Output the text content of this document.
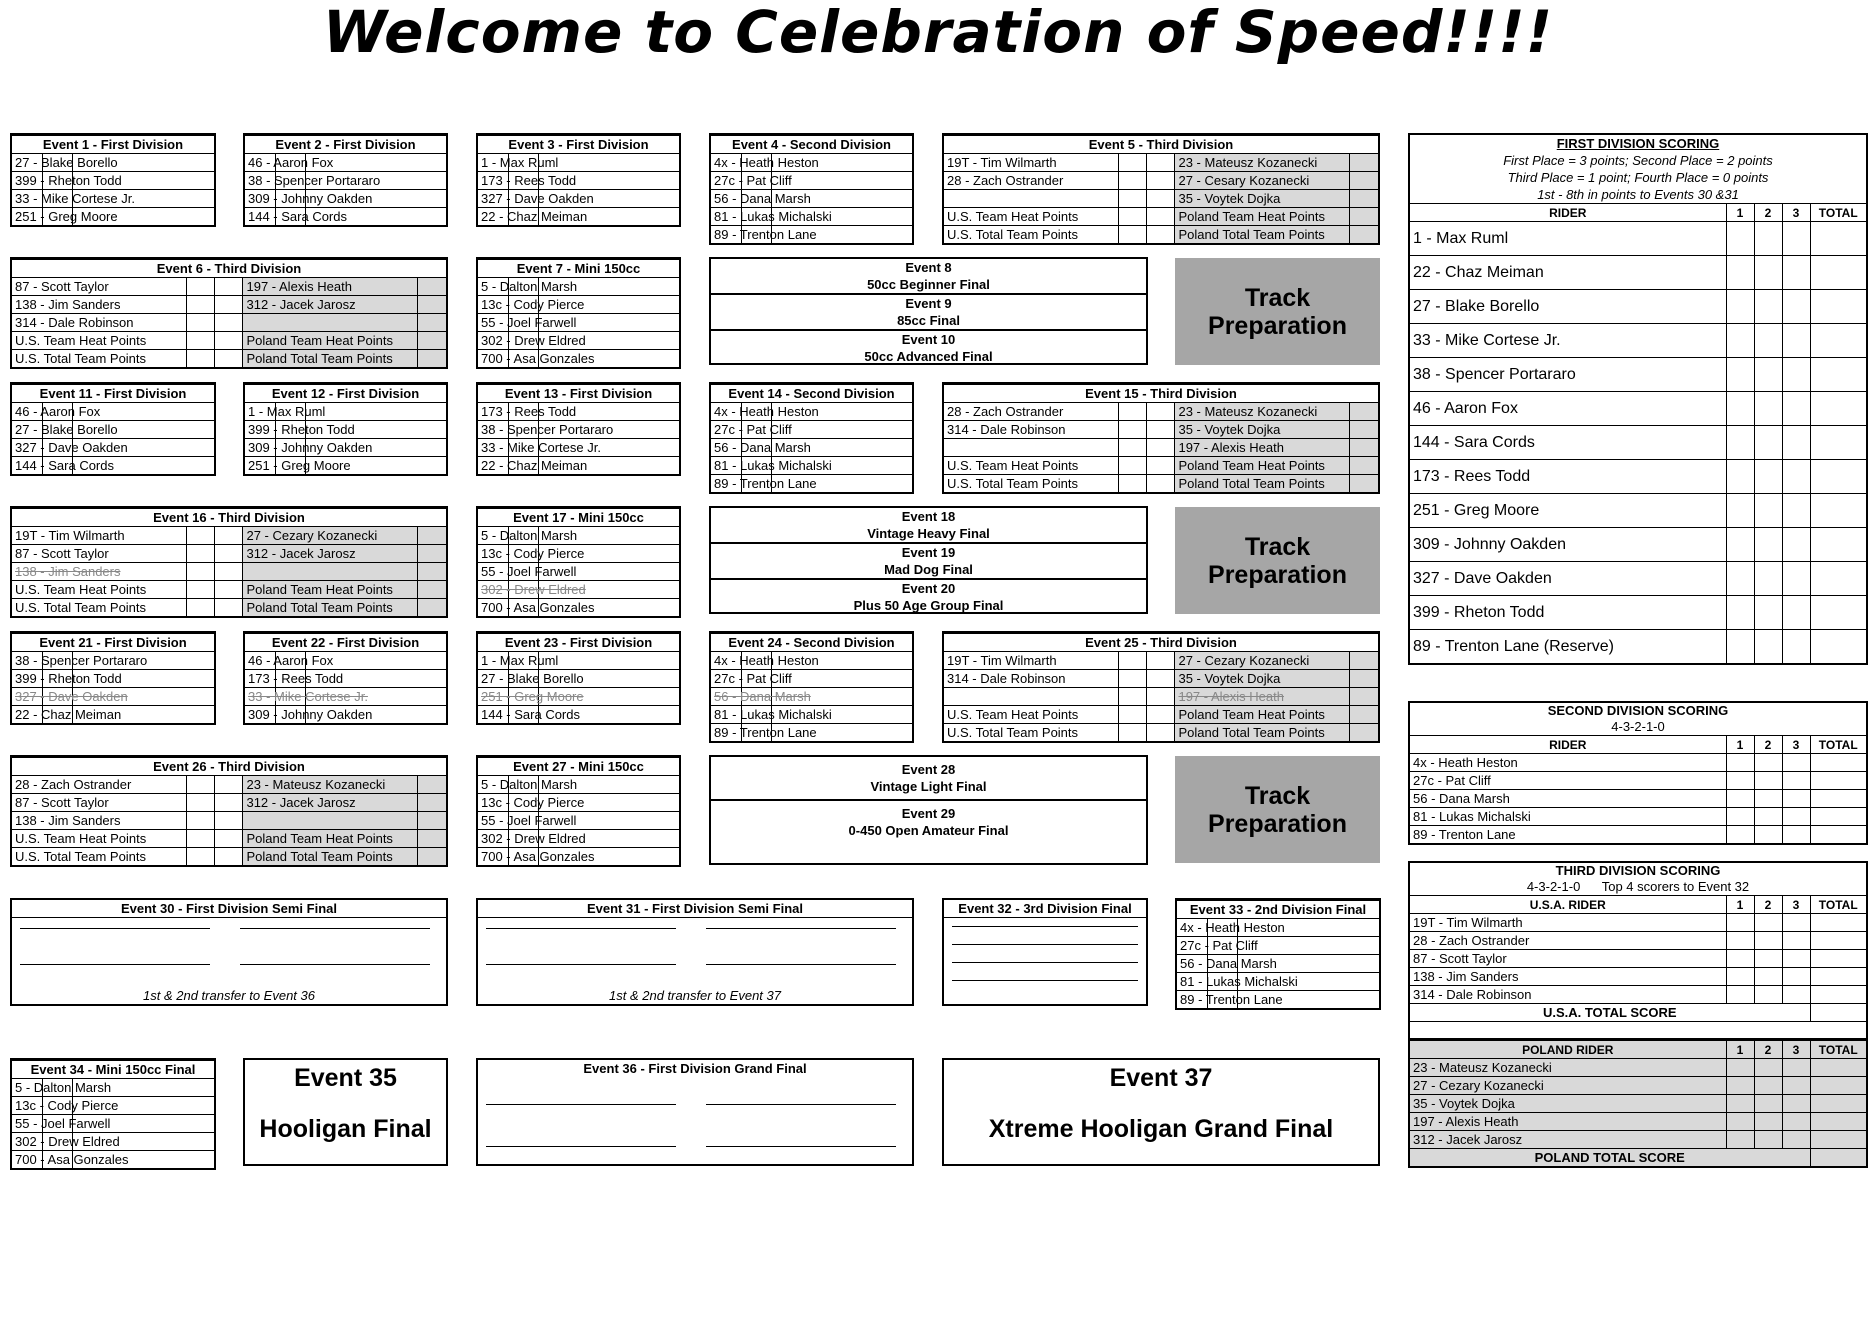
Welcome to Celebration of Speed!!!!
Event 1 - First Division		
27 - Blake Borello		
399 - Rheton Todd		
33 - Mike Cortese Jr.		
251 - Greg Moore		
Event 2 - First Division		
46 - Aaron Fox		
38 - Spencer Portararo		
309 - Johnny Oakden		
144 - Sara Cords		
Event 3 - First Division		
1 - Max Ruml		
173 - Rees Todd		
327 - Dave Oakden		
22 - Chaz Meiman		
Event 4 - Second Division		
4x - Heath Heston		
27c - Pat Cliff		
56 - Dana Marsh		
81 - Lukas Michalski		
89 - Trenton Lane		
Event 7 - Mini 150cc		
5 - Dalton Marsh		
13c - Cody Pierce		
55 - Joel Farwell		
302 - Drew Eldred		
700 - Asa Gonzales		
Event 11 - First Division		
46 - Aaron Fox		
27 - Blake Borello		
327 - Dave Oakden		
144 - Sara Cords		
Event 12 - First Division		
1 - Max Ruml		
399 - Rheton Todd		
309 - Johnny Oakden		
251 - Greg Moore		
Event 13 - First Division		
173 - Rees Todd		
38 - Spencer Portararo		
33 - Mike Cortese Jr.		
22 - Chaz Meiman		
Event 14 - Second Division		
4x - Heath Heston		
27c - Pat Cliff		
56 - Dana Marsh		
81 - Lukas Michalski		
89 - Trenton Lane		
Event 17 - Mini 150cc		
5 - Dalton Marsh		
13c - Cody Pierce		
55 - Joel Farwell		
302 - Drew Eldred		
700 - Asa Gonzales		
Event 21 - First Division		
38 - Spencer Portararo		
399 - Rheton Todd		
327 - Dave Oakden		
22 - Chaz Meiman		
Event 22 - First Division		
46 - Aaron Fox		
173 - Rees Todd		
33 - Mike Cortese Jr.		
309 - Johnny Oakden		
Event 23 - First Division		
1 - Max Ruml		
27 - Blake Borello		
251 - Greg Moore		
144 - Sara Cords		
Event 24 - Second Division		
4x - Heath Heston		
27c - Pat Cliff		
56 - Dana Marsh		
81 - Lukas Michalski		
89 - Trenton Lane		
Event 27 - Mini 150cc		
5 - Dalton Marsh		
13c - Cody Pierce		
55 - Joel Farwell		
302 - Drew Eldred		
700 - Asa Gonzales		
Event 33 - 2nd Division Final		
4x - Heath Heston		
27c - Pat Cliff		
56 - Dana Marsh		
81 - Lukas Michalski		
89 - Trenton Lane		
Event 34 - Mini 150cc Final		
5 - Dalton Marsh		
13c - Cody Pierce		
55 - Joel Farwell		
302 - Drew Eldred		
700 - Asa Gonzales		
Event 5 - Third Division				
19T - Tim Wilmarth			23 - Mateusz Kozanecki	
28 - Zach Ostrander			27 - Cesary Kozanecki	
			35 - Voytek Dojka	
U.S. Team Heat Points			Poland Team Heat Points	
U.S. Total Team Points			Poland Total Team Points	
Event 6 - Third Division				
87 - Scott Taylor			197 - Alexis Heath	
138 - Jim Sanders			312 - Jacek Jarosz	
314 - Dale Robinson				
U.S. Team Heat Points			Poland Team Heat Points	
U.S. Total Team Points			Poland Total Team Points	
Event 15 - Third Division				
28 - Zach Ostrander			23 - Mateusz Kozanecki	
314 - Dale Robinson			35 - Voytek Dojka	
			197 - Alexis Heath	
U.S. Team Heat Points			Poland Team Heat Points	
U.S. Total Team Points			Poland Total Team Points	
Event 16 - Third Division				
19T - Tim Wilmarth			27 - Cezary Kozanecki	
87 - Scott Taylor			312 - Jacek Jarosz	
138 - Jim Sanders				
U.S. Team Heat Points			Poland Team Heat Points	
U.S. Total Team Points			Poland Total Team Points	
Event 25 - Third Division				
19T - Tim Wilmarth			27 - Cezary Kozanecki	
314 - Dale Robinson			35 - Voytek Dojka	
			197 - Alexis Heath	
U.S. Team Heat Points			Poland Team Heat Points	
U.S. Total Team Points			Poland Total Team Points	
Event 26 - Third Division				
28 - Zach Ostrander			23 - Mateusz Kozanecki	
87 - Scott Taylor			312 - Jacek Jarosz	
138 - Jim Sanders				
U.S. Team Heat Points			Poland Team Heat Points	
U.S. Total Team Points			Poland Total Team Points	
Event 8
50cc Beginner Final
Event 9
85cc Final
Event 10
50cc Advanced Final
Event 18
Vintage Heavy Final
Event 19
Mad Dog Final
Event 20
Plus 50 Age Group Final
Event 28
Vintage Light Final
Event 29
0-450 Open Amateur Final
Track Preparation
Track Preparation
Track Preparation
Event 30 - First Division Semi Final
1st & 2nd transfer to Event 36
Event 31 - First Division Semi Final
1st & 2nd transfer to Event 37
Event 32 - 3rd Division Final
Event 35
Hooligan Final
Event 36 - First Division Grand Final	Event 37
Xtreme Hooligan Grand Final
FIRST DIVISION SCORING
First Place = 3 points; Second Place = 2 points
Third Place = 1 point; Fourth Place = 0 points
1st - 8th in points to Events 30 &31
RIDER	1	2	3	TOTAL
1 - Max Ruml				
22 - Chaz Meiman				
27 - Blake Borello				
33 - Mike Cortese Jr.				
38 - Spencer Portararo				
46 - Aaron Fox				
144 - Sara Cords				
173 - Rees Todd				
251 - Greg Moore				
309 - Johnny Oakden				
327 - Dave Oakden				
399 - Rheton Todd				
89 - Trenton Lane (Reserve)				
SECOND DIVISION SCORING
4-3-2-1-0
RIDER	1	2	3	TOTAL
4x - Heath Heston				
27c - Pat Cliff				
56 - Dana Marsh				
81 - Lukas Michalski				
89 - Trenton Lane				
THIRD DIVISION SCORING
4-3-2-1-0      Top 4 scorers to Event 32
U.S.A. RIDER	1	2	3	TOTAL
19T - Tim Wilmarth				
28 - Zach Ostrander				
87 - Scott Taylor				
138 - Jim Sanders				
314 - Dale Robinson				
U.S.A. TOTAL SCORE				
POLAND RIDER	1	2	3	TOTAL
23 - Mateusz Kozanecki				
27 - Cezary Kozanecki				
35 - Voytek Dojka				
197 - Alexis Heath				
312 - Jacek Jarosz				
POLAND TOTAL SCORE				
